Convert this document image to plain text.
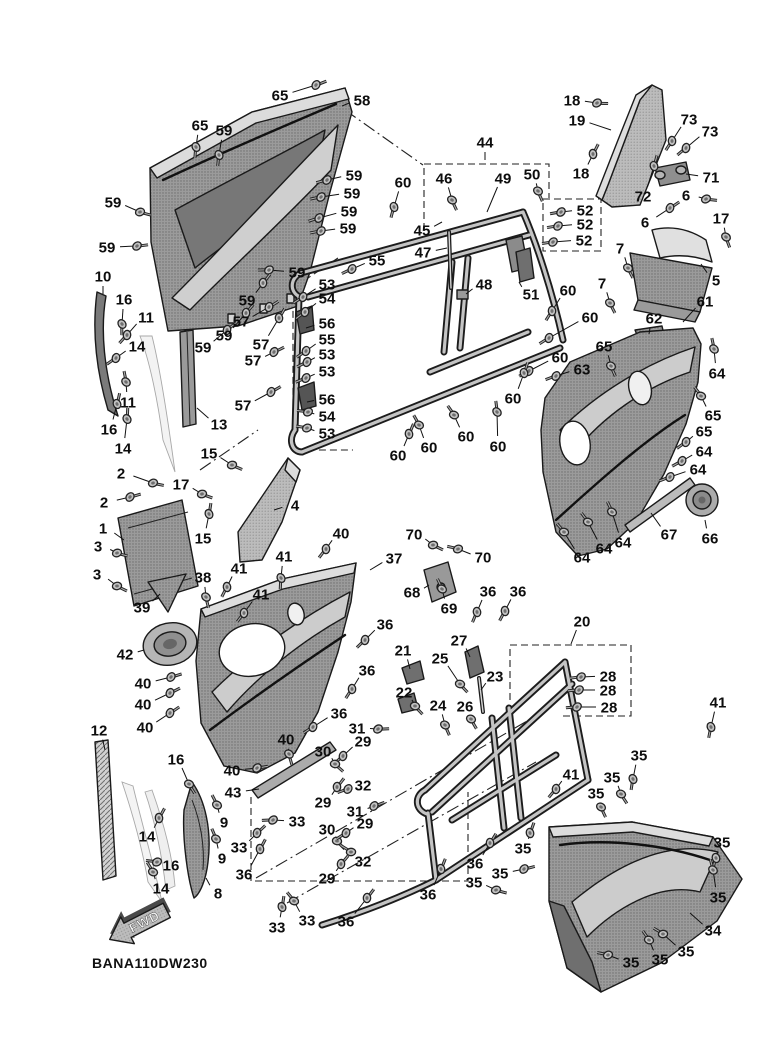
FWD
BANA110DW230
65	58
65 59
59
59
59
59
59
59
10
16
11
14
11
16
14
59
59
59
59
13
57
57
57
57
53
54
56
55
55
53
53
56
54
53
44
60 46	49 50
45
47
48
51
52
52
52
18
19	73
73
18	71
72 6
6	17
7
7	5
61
62
65
63	64
65
65
64
64
60
60
60
60
60
60
60
60
64
64 64 67 66
15
2
2
17
1
3
3
15
4
40
41	37
38
39
41
41
70
70
68
69
42
40
40
40
36
36
36
36 36
20
21
27
25
23
22
24 26
28
28
28
31
29
30
40
40
43
12
16
14
16
14
9
9
8
33
33
36
29
30 29
29
31
32
32
33 33 36
41
35
35
35
41
35
35
34
35
35
35
35
36
35
35
36
